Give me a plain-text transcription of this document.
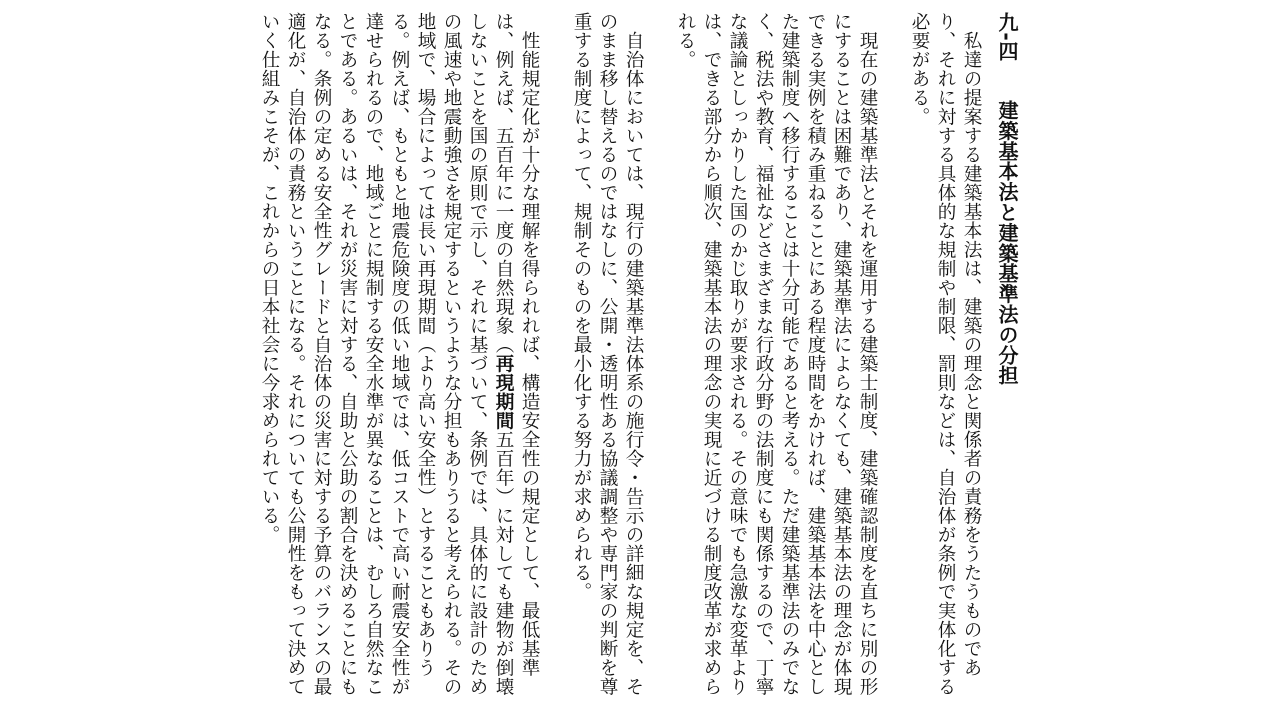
九-四　建築基本法と建築基準法の分担

私達の提案する建築基本法は、建築の理念と関係者の責務をうたうものであり、それに対する具体的な規制や制限、罰則などは、自治体が条例で実体化する必要がある。

現在の建築基準法とそれを運用する建築士制度、建築確認制度を直ちに別の形にすることは困難であり、建築基準法によらなくても、建築基本法の理念が体現できる実例を積み重ねることにある程度時間をかければ、建築基本法を中心とした建築制度へ移行することは十分可能であると考える。ただ建築基準法のみでなく、税法や教育、福祉などさまざまな行政分野の法制度にも関係するので、丁寧な議論としっかりした国のかじ取りが要求される。その意味でも急激な変革よりは、できる部分から順次、建築基本法の理念の実現に近づける制度改革が求められる。

自治体においては、現行の建築基準法体系の施行令・告示の詳細な規定を、そのまま移し替えるのではなしに、公開・透明性ある協議調整や専門家の判断を尊重する制度によって、規制そのものを最小化する努力が求められる。

性能規定化が十分な理解を得られれば、構造安全性の規定として、最低基準は、例えば、五百年に一度の自然現象（再現期間五百年）に対しても建物が倒壊しないことを国の原則で示し、それに基づいて、条例では、具体的に設計のための風速や地震動強さを規定するというような分担もありうると考えられる。その地域で、場合によっては長い再現期間（より高い安全性）とすることもありうる。例えば、もともと地震危険度の低い地域では、低コストで高い耐震安全性が達せられるので、地域ごとに規制する安全水準が異なることは、むしろ自然なことである。あるいは、それが災害に対する、自助と公助の割合を決めることにもなる。条例の定める安全性グレードと自治体の災害に対する予算のバランスの最適化が、自治体の責務ということになる。それについても公開性をもって決めていく仕組みこそが、これからの日本社会に今求められている。
